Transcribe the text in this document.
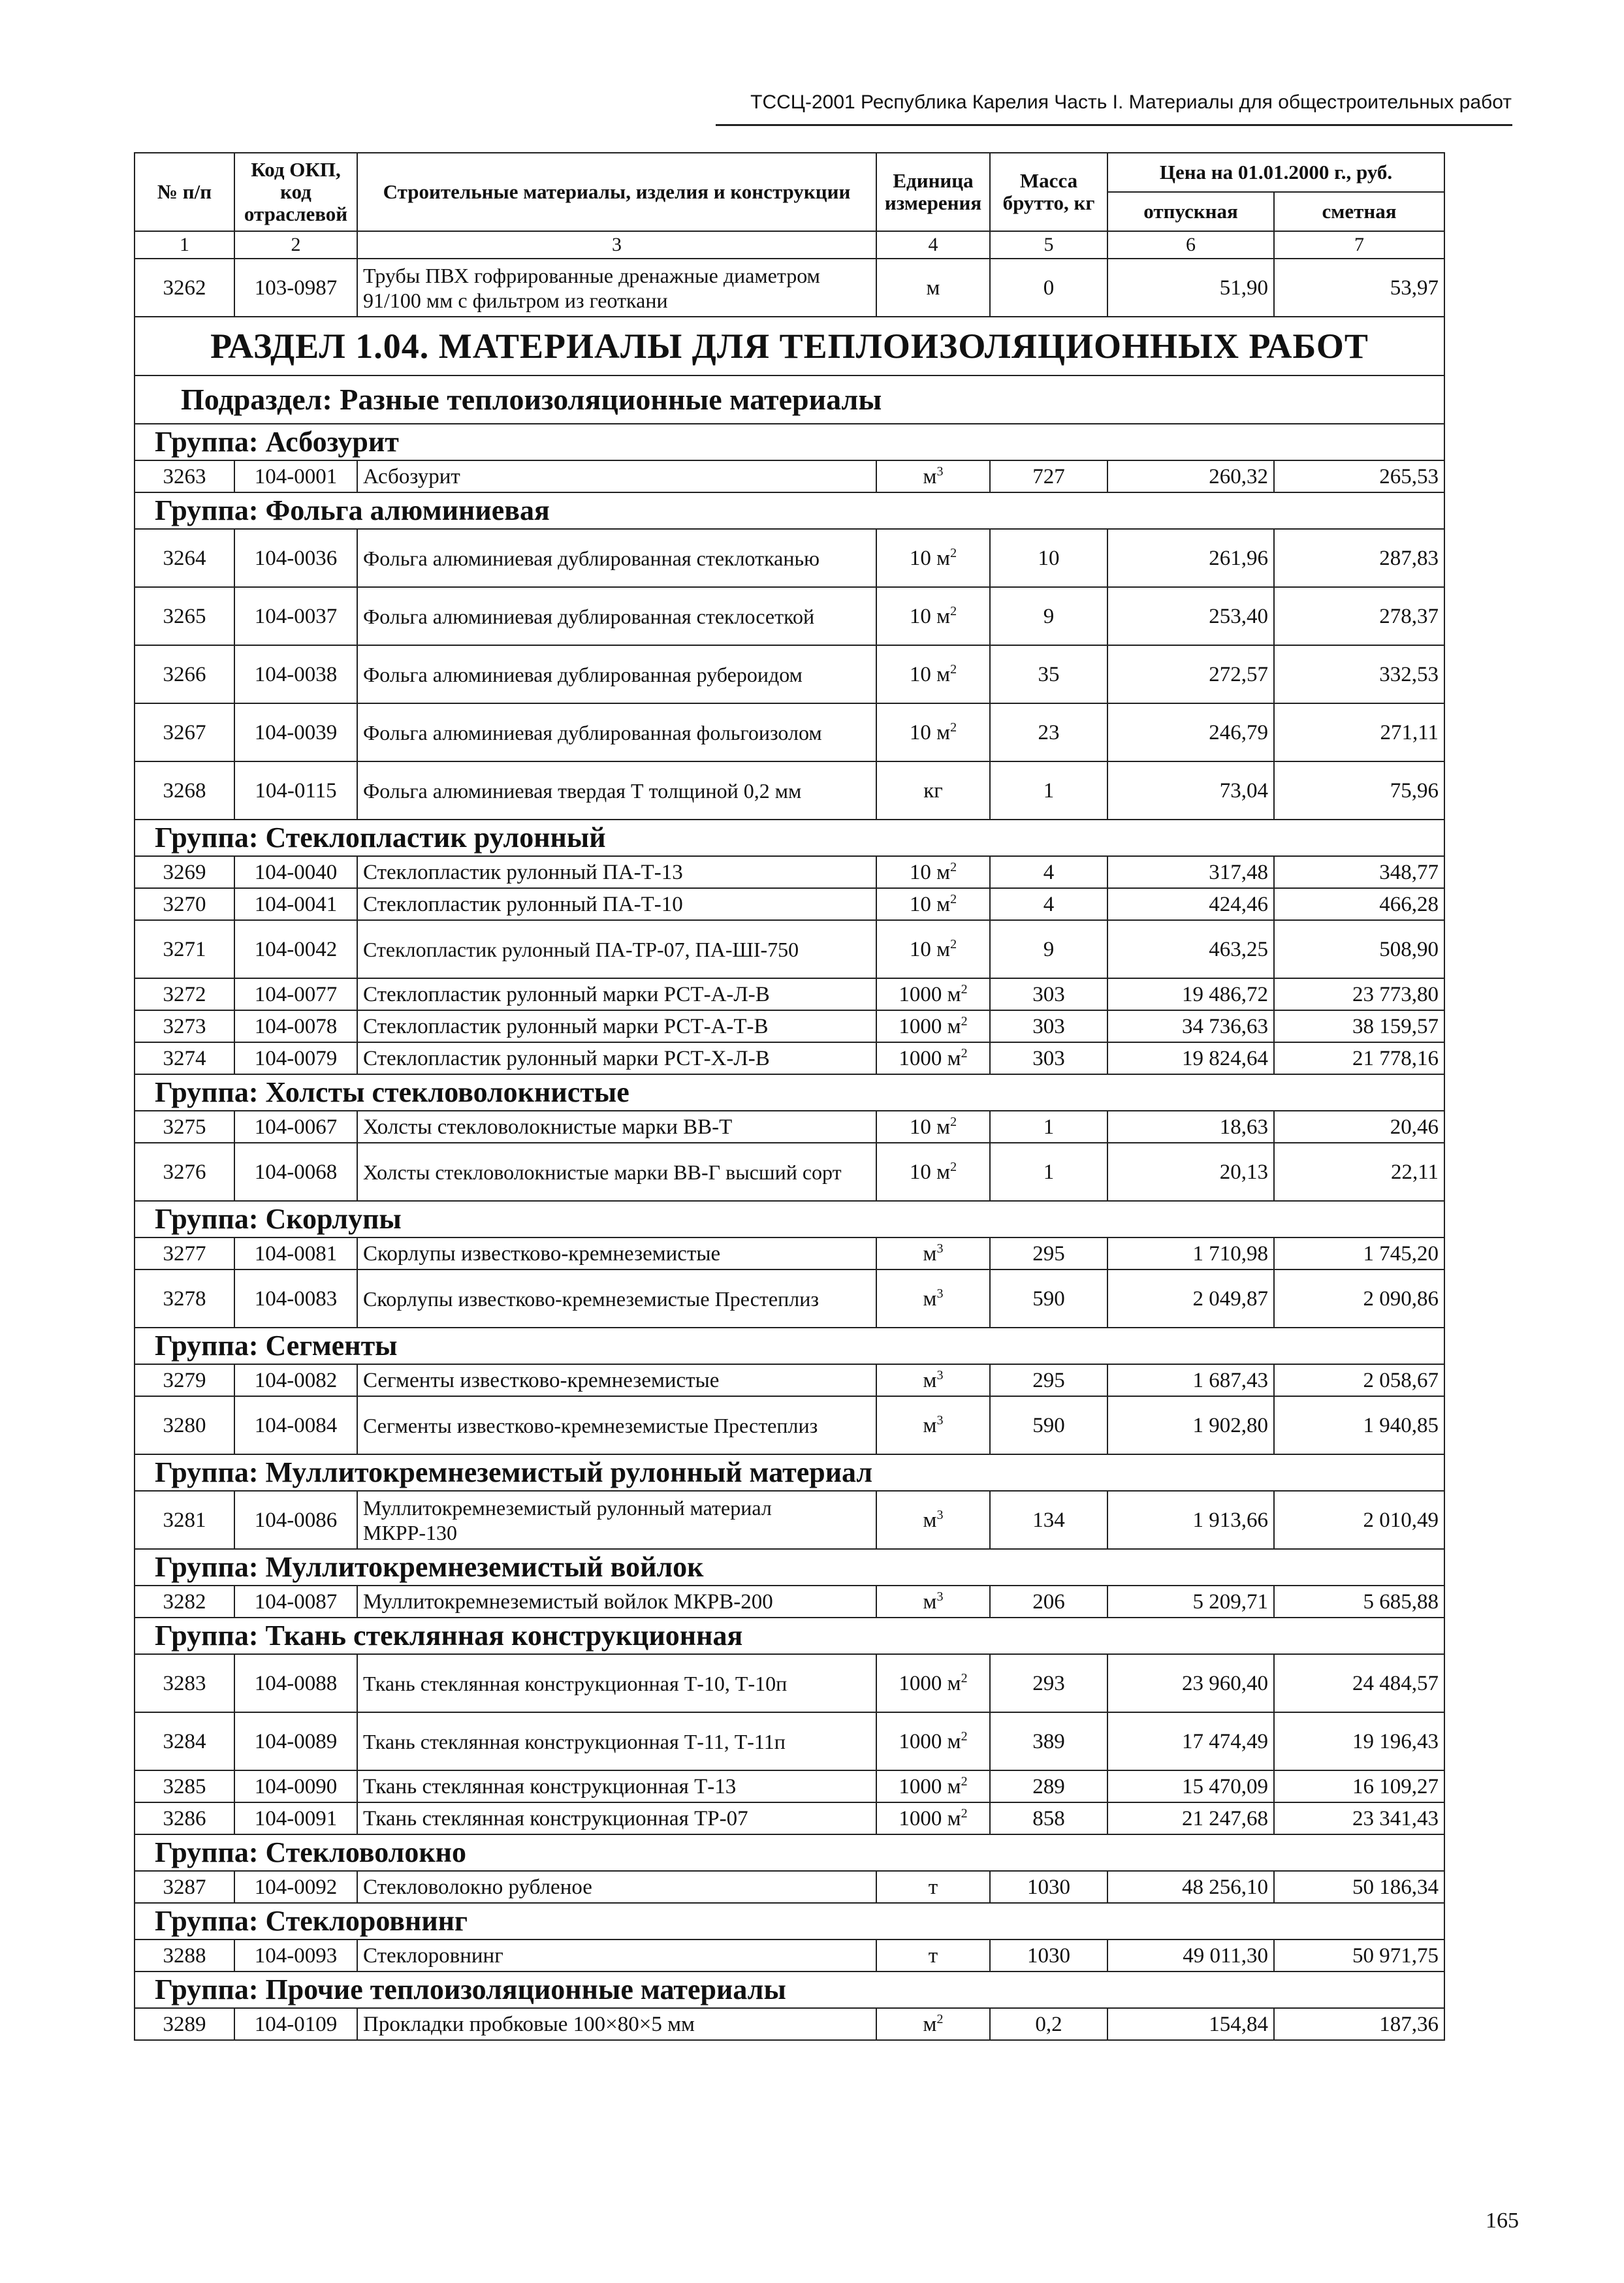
ТССЦ-2001 Республика Карелия Часть I. Материалы для общестроительных работ
№ п/п	Код ОКП, код отраслевой	Строительные материалы, изделия и конструкции	Единица измерения	Масса брутто, кг	Цена на 01.01.2000 г., руб.	
					отпускная	сметная
1	2	3	4	5	6	7
3262	103-0987	Трубы ПВХ гофрированные дренажные диаметром 91/100 мм с фильтром из геоткани	м	0	51,90	53,97
РАЗДЕЛ 1.04. МАТЕРИАЛЫ ДЛЯ ТЕПЛОИЗОЛЯЦИОННЫХ РАБОТ						
Подраздел: Разные теплоизоляционные материалы						
Группа: Асбозурит						
3263	104-0001	Асбозурит	$м^3$	727	260,32	265,53
Группа: Фольга алюминиевая						
3264	104-0036	Фольга алюминиевая дублированная стеклотканью	10 $м^2$	10	261,96	287,83
3265	104-0037	Фольга алюминиевая дублированная стеклосеткой	10 $м^2$	9	253,40	278,37
3266	104-0038	Фольга алюминиевая дублированная рубероидом	10 $м^2$	35	272,57	332,53
3267	104-0039	Фольга алюминиевая дублированная фольгоизолом	10 $м^2$	23	246,79	271,11
3268	104-0115	Фольга алюминиевая твердая Т толщиной 0,2 мм	кг	1	73,04	75,96
Группа: Стеклопластик рулонный						
3269	104-0040	Стеклопластик рулонный ПА-Т-13	10 $м^2$	4	317,48	348,77
3270	104-0041	Стеклопластик рулонный ПА-Т-10	10 $м^2$	4	424,46	466,28
3271	104-0042	Стеклопластик рулонный ПА-ТР-07, ПА-ШІ-750	10 $м^2$	9	463,25	508,90
3272	104-0077	Стеклопластик рулонный марки РСТ-А-Л-В	1000 $м^2$	303	19 486,72	23 773,80
3273	104-0078	Стеклопластик рулонный марки РСТ-А-Т-В	1000 $м^2$	303	34 736,63	38 159,57
3274	104-0079	Стеклопластик рулонный марки РСТ-Х-Л-В	1000 $м^2$	303	19 824,64	21 778,16
Группа: Холсты стекловолокнистые						
3275	104-0067	Холсты стекловолокнистые марки ВВ-Т	10 $м^2$	1	18,63	20,46
3276	104-0068	Холсты стекловолокнистые марки ВВ-Г высший сорт	10 $м^2$	1	20,13	22,11
Группа: Скорлупы						
3277	104-0081	Скорлупы известково-кремнеземистые	$м^3$	295	1 710,98	1 745,20
3278	104-0083	Скорлупы известково-кремнеземистые Престеплиз	$м^3$	590	2 049,87	2 090,86
Группа: Сегменты						
3279	104-0082	Сегменты известково-кремнеземистые	$м^3$	295	1 687,43	2 058,67
3280	104-0084	Сегменты известково-кремнеземистые Престеплиз	$м^3$	590	1 902,80	1 940,85
Группа: Муллитокремнеземистый рулонный материал						
3281	104-0086	Муллитокремнеземистый рулонный материал МКРР-130	$м^3$	134	1 913,66	2 010,49
Группа: Муллитокремнеземистый войлок						
3282	104-0087	Муллитокремнеземистый войлок МКРВ-200	$м^3$	206	5 209,71	5 685,88
Группа: Ткань стеклянная конструкционная						
3283	104-0088	Ткань стеклянная конструкционная Т-10, Т-10п	1000 $м^2$	293	23 960,40	24 484,57
3284	104-0089	Ткань стеклянная конструкционная Т-11, Т-11п	1000 $м^2$	389	17 474,49	19 196,43
3285	104-0090	Ткань стеклянная конструкционная Т-13	1000 $м^2$	289	15 470,09	16 109,27
3286	104-0091	Ткань стеклянная конструкционная ТР-07	1000 $м^2$	858	21 247,68	23 341,43
Группа: Стекловолокно						
3287	104-0092	Стекловолокно рубленое	т	1030	48 256,10	50 186,34
Группа: Стеклоровнинг						
3288	104-0093	Стеклоровнинг	т	1030	49 011,30	50 971,75
Группа: Прочие теплоизоляционные материалы						
3289	104-0109	Прокладки пробковые 100×80×5 мм	$м^2$	0,2	154,84	187,36
165
